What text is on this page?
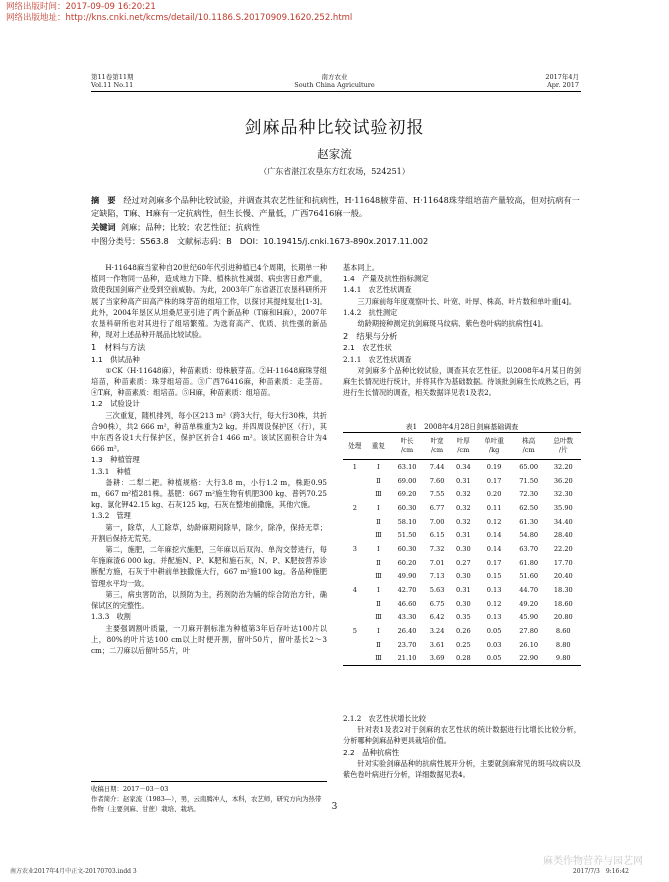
网络出版时间：2017-09-09 16:20:21
网络出版地址：http://kns.cnki.net/kcms/detail/10.1186.S.20170909.1620.252.html
第11卷第11期
Vol.11 No.11
南方农业
South China Agriculture
2017年4月
Apr. 2017
剑麻品种比较试验初报
赵家流
（广东省湛江农垦东方红农场，524251）
摘　要 经过对剑麻多个品种比较试验，并调查其农艺性征和抗病性，H·11648腋芽苗、H·11648珠芽组培苗产量较高，但对抗病有一定缺陷，T麻、H麻有一定抗病性，但生长慢、产量低，广西76416麻一般。
关键词 剑麻；品种；比较；农艺性征；抗病性
中图分类号：S563.8　文献标志码：B　DOI：10.19415/j.cnki.1673-890x.2017.11.002

H·11648麻当家种自20世纪60年代引进种植已4个周期，长期单一种植同一作物同一品种，造成地力下降、植株抗性减弱、病虫害日愈严重，致使我国剑麻产业受到空前威胁。为此，2003年广东省湛江农垦科研所开展了当家种高产田高产株的珠芽苗的组培工作，以探讨其提纯复壮[1-3]。此外，2004年垦区从坦桑尼亚引进了两个新品种（T麻和H麻），2007年农垦科研所也对其进行了组培繁殖。为选育高产、优质、抗性强的新品种，现对上述品种开展品比较试验。

1　材料与方法

1.1　供试品种

①CK（H·11648麻），种苗素质：母株腋芽苗。②H·11648麻珠芽组培苗，种苗素质：珠芽组培苗。③广西76416麻，种苗素质：走茎苗。④T麻，种苗素质：组培苗。⑤H麻，种苗素质：组培苗。

1.2　试验设计

三次重复，随机排列，每小区213 m²（跨3大行，每大行30株，共折合90株），共2 666 m²，种苗单株重为2 kg。并四周设保护区（行），其中东西各设1大行保护区，保护区折合1 466 m²。该试区面积合计为4 666 m²。

1.3　种植管理

1.3.1　种植

备耕：二犁二耙。种植规格：大行3.8 m，小行1.2 m，株距0.95 m，667 m²植281株。基肥：667 m²施生物有机肥300 kg、普钙70.25 kg、氯化钾42.15 kg、石灰125 kg，石灰在整地前撒施，其他穴施。

1.3.2　管理

第一，除草，人工除草，幼龄麻期间除旱，除少，除净，保持无草；开割后保持无荒芜。

第二，施肥，二年麻挖穴施肥，三年麻以后双沟、单沟交替进行，每年施麻渣6 000 kg。并配施N、P、K肥和施石灰，N、P、K肥按营养诊断配方施，石灰于中耕前单独撒施大行，667 m²施100 kg。各品种施肥管理水平均一致。

第三，病虫害防治，以预防为主，药剂防治为辅的综合防治方针，确保试区的完整性。

1.3.3　收割

主要强调割叶质量，一刀麻开割标准为种植第3年后存叶达100片以上，80%的叶片达100 cm以上时便开割，留叶50片，留叶基长2～3 cm；二刀麻以后留叶55片，叶

收稿日期：2017－03－03
作者简介：赵家流（1983—），男，云南腾冲人，本科，农艺师，研究方向为热带作物（主要剑麻、甘蔗）栽培、栽培。

基本同上。

1.4　产量及抗性指标测定

1.4.1　农艺性状调查

三刀麻前每年度观察叶长、叶宽、叶厚、株高、叶片数和单叶重[4]。

1.4.2　抗性测定

幼龄期接种测定抗剑麻斑马纹病、紫色卷叶病的抗病性[4]。

2　结果与分析

2.1　农艺性状

2.1.1　农艺性状调查

对剑麻多个品种比较试验，调查其农艺性征。以2008年4月某日的剑麻生长情况进行统计，并将其作为基础数据。待该批剑麻生长成熟之后，再进行生长情况的调查，相关数据详见表1及表2。

表1　2008年4月28日剑麻基础调查
处理	重复	叶长
/cm	叶宽
/cm	叶厚
/cm	单叶重
/kg	株高
/cm	总叶数
/片
1	Ⅰ	63.10	7.44	0.34	0.19	65.00	32.20
	Ⅱ	69.00	7.60	0.31	0.17	71.50	36.20
	Ⅲ	69.20	7.55	0.32	0.20	72.30	32.30
2	Ⅰ	60.30	6.77	0.32	0.11	62.50	35.90
	Ⅱ	58.10	7.00	0.32	0.12	61.30	34.40
	Ⅲ	51.50	6.15	0.31	0.14	54.80	28.40
3	Ⅰ	60.30	7.32	0.30	0.14	63.70	22.20
	Ⅱ	60.20	7.01	0.27	0.17	61.80	17.70
	Ⅲ	49.90	7.13	0.30	0.15	51.60	20.40
4	Ⅰ	42.70	5.63	0.31	0.13	44.70	18.30
	Ⅱ	46.60	6.75	0.30	0.12	49.20	18.60
	Ⅲ	43.30	6.42	0.35	0.13	45.90	20.80
5	Ⅰ	26.40	3.24	0.26	0.05	27.80	8.60
	Ⅱ	23.70	3.61	0.25	0.03	26.10	8.80
	Ⅲ	21.10	3.69	0.28	0.05	22.90	9.80

2.1.2　农艺性状增长比较

针对表1及表2对于剑麻的农艺性状的统计数据进行比增长比较分析，分析哪种剑麻品种更具栽培价值。

2.2　品种抗病性

针对实验剑麻品种的抗病性展开分析，主要就剑麻常见的斑马纹病以及紫色卷叶病进行分析，详细数据见表4。

3
麻类作物营养与园艺网
南方农业2017年4月中正文-20170703.indd 3	2017/7/3　9:16:42
